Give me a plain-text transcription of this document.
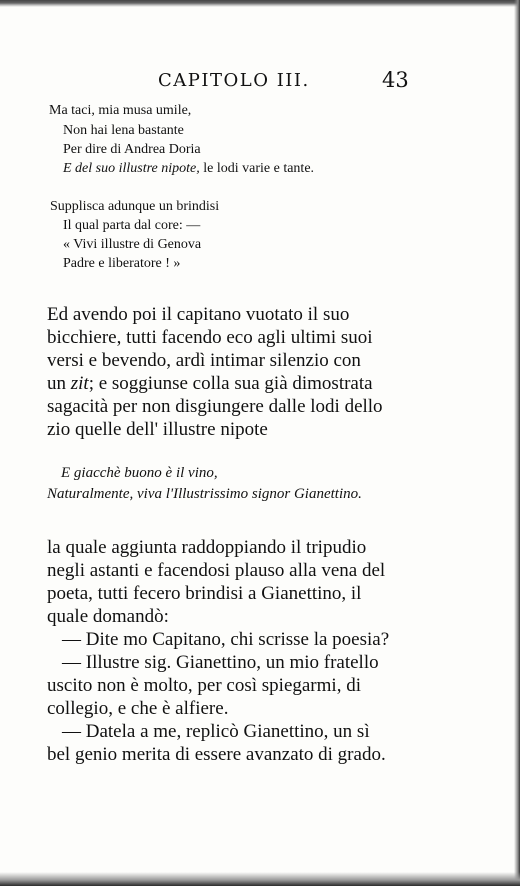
CAPITOLO III.	43
Ma taci, mia musa umile,
Non hai lena bastante
Per dire di Andrea Doria
E del suo illustre nipote, le lodi varie e tante.
Supplisca adunque un brindisi
Il qual parta dal core: —
« Vivi illustre di Genova
Padre e liberatore ! »
Ed avendo poi il capitano vuotato il suo
bicchiere, tutti facendo eco agli ultimi suoi
versi e bevendo, ardì intimar silenzio con
un zit; e soggiunse colla sua già dimostrata
sagacità per non disgiungere dalle lodi dello
zio quelle dell' illustre nipote
E giacchè buono è il vino,
Naturalmente, viva l'Illustrissimo signor Gianettino.
la quale aggiunta raddoppiando il tripudio
negli astanti e facendosi plauso alla vena del
poeta, tutti fecero brindisi a Gianettino, il
quale domandò:
— Dite mo Capitano, chi scrisse la poesia?
— Illustre sig. Gianettino, un mio fratello
uscito non è molto, per così spiegarmi, di
collegio, e che è alfiere.
— Datela a me, replicò Gianettino, un sì
bel genio merita di essere avanzato di grado.
